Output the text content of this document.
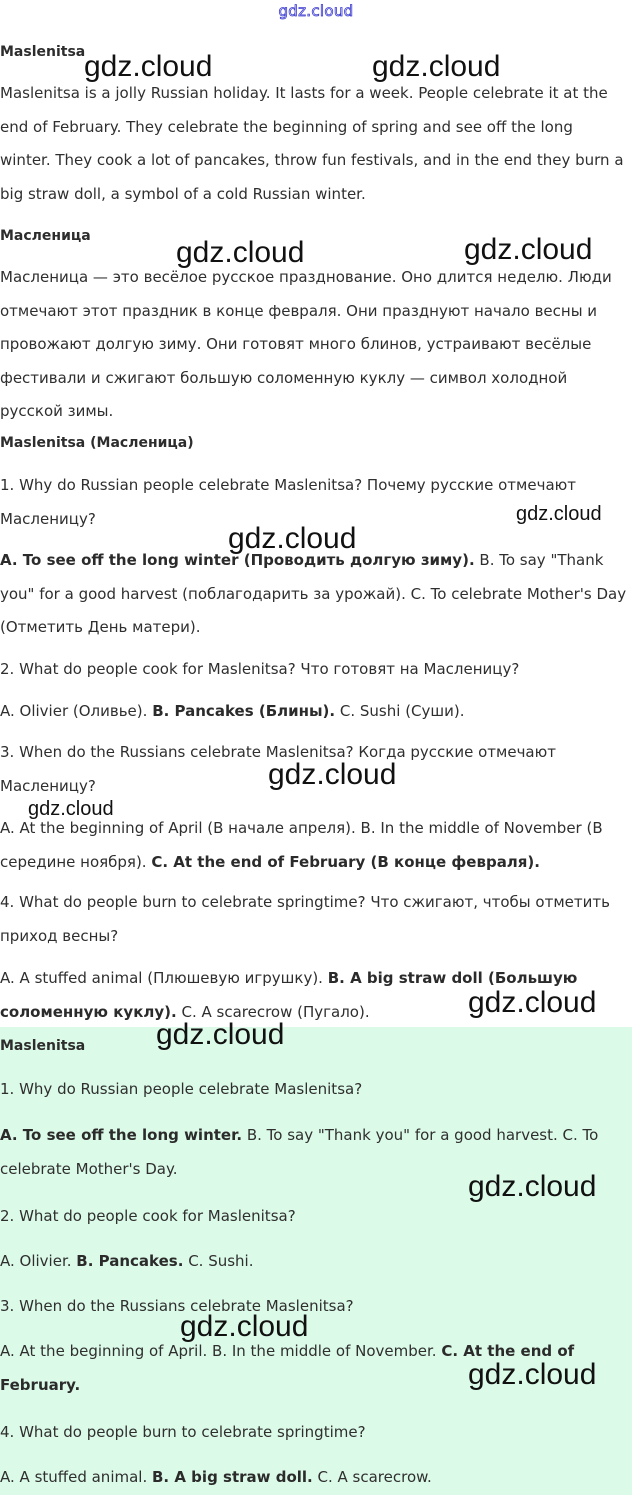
gdz.cloud

Maslenitsa

Maslenitsa is a jolly Russian holiday. It lasts for a week. People celebrate it at the end of February. They celebrate the beginning of spring and see off the long winter. They cook a lot of pancakes, throw fun festivals, and in the end they burn a big straw doll, a symbol of a cold Russian winter.

Масленица

Масленица — это весёлое русское празднование. Оно длится неделю. Люди отмечают этот праздник в конце февраля. Они празднуют начало весны и провожают долгую зиму. Они готовят много блинов, устраивают весёлые фестивали и сжигают большую соломенную куклу — символ холодной русской зимы.

Maslenitsa (Масленица)

1. Why do Russian people celebrate Maslenitsa? Почему русские отмечают Масленицу?

A. To see off the long winter (Проводить долгую зиму). B. To say "Thank you" for a good harvest (поблагодарить за урожай). C. To celebrate Mother's Day (Отметить День матери).

2. What do people cook for Maslenitsa? Что готовят на Масленицу?

A. Olivier (Оливье). B. Pancakes (Блины). C. Sushi (Суши).

3. When do the Russians celebrate Maslenitsa? Когда русские отмечают Масленицу?

A. At the beginning of April (В начале апреля). B. In the middle of November (В середине ноября). C. At the end of February (В конце февраля).

4. What do people burn to celebrate springtime? Что сжигают, чтобы отметить приход весны?

A. A stuffed animal (Плюшевую игрушку). B. A big straw doll (Большую соломенную куклу). C. A scarecrow (Пугало).

Maslenitsa

1. Why do Russian people celebrate Maslenitsa?

A. To see off the long winter. B. To say "Thank you" for a good harvest. C. To celebrate Mother's Day.

2. What do people cook for Maslenitsa?

A. Olivier. B. Pancakes. C. Sushi.

3. When do the Russians celebrate Maslenitsa?

A. At the beginning of April. B. In the middle of November. C. At the end of February.

4. What do people burn to celebrate springtime?

A. A stuffed animal. B. A big straw doll. C. A scarecrow.

gdz.cloud	gdz.cloud
gdz.cloud	gdz.cloud
gdz.cloud
gdz.cloud
gdz.cloud
gdz.cloud
gdz.cloud
gdz.cloud
gdz.cloud
gdz.cloud
gdz.cloud
